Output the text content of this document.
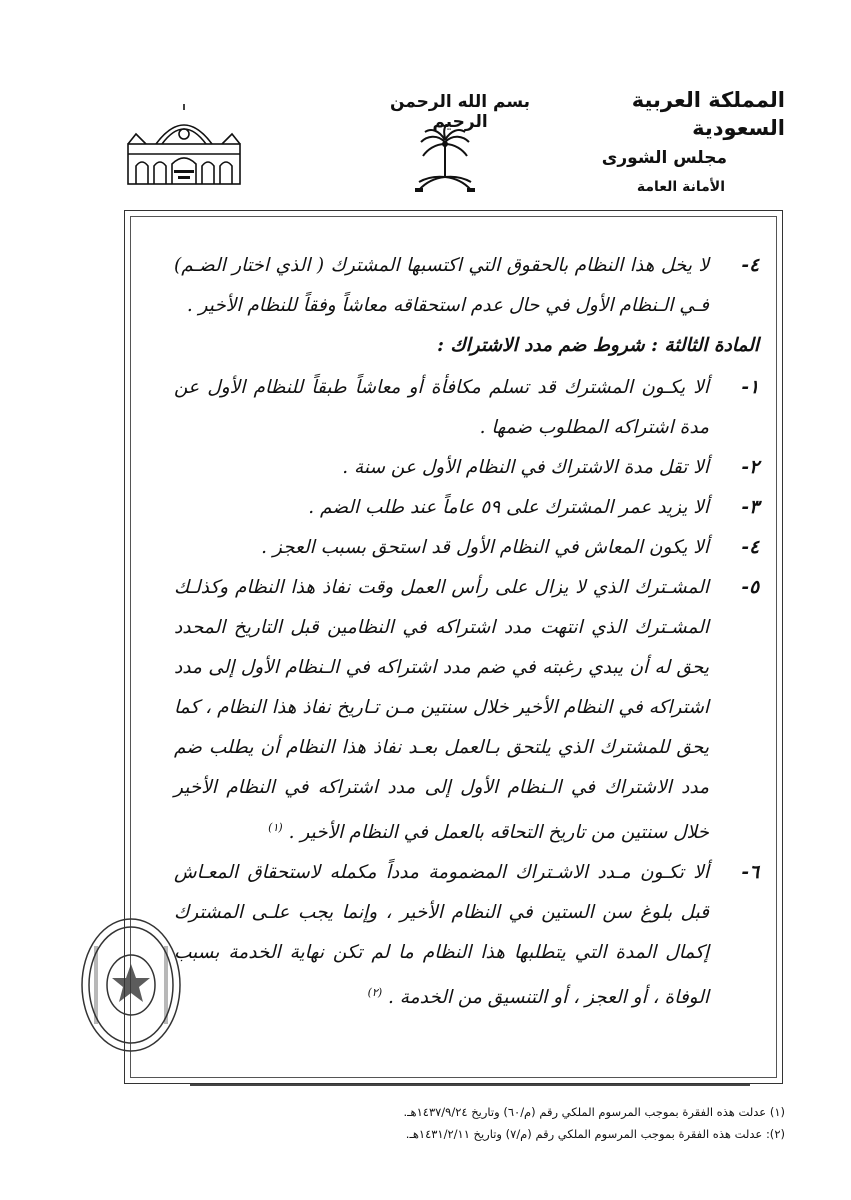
المملكة العربية السعودية
مجلس الشورى
الأمانة العامة
بسم الله الرحمن الرحيم
٤-
لا يخل هذا النظام بالحقوق التي اكتسبها المشترك ( الذي اختار الضـم) فـي الـنظام الأول في حال عدم استحقاقه معاشاً وفقاً للنظام الأخير .
المادة الثالثة : شروط ضم مدد الاشتراك :
١-
ألا يكـون المشترك قد تسلم مكافأة أو معاشاً طبقاً للنظام الأول عن مدة اشتراكه المطلوب ضمها .
٢-
ألا تقل مدة الاشتراك في النظام الأول عن سنة .
٣-
ألا يزيد عمر المشترك على ٥٩ عاماً عند طلب الضم .
٤-
ألا يكون المعاش في النظام الأول قد استحق بسبب العجز .
٥-
المشـترك الذي لا يزال على رأس العمل وقت نفاذ هذا النظام وكذلـك المشـترك الذي انتهت مدد اشتراكه في النظامين قبل التاريخ المحدد يحق له أن يبدي رغبته في ضم مدد اشتراكه في الـنظام الأول إلى مدد اشتراكه في النظام الأخير خلال سنتين مـن تـاريخ نفاذ هذا النظام ، كما يحق للمشترك الذي يلتحق بـالعمل بعـد نفاذ هذا النظام أن يطلب ضم مدد الاشتراك في الـنظام الأول إلى مدد اشتراكه في النظام الأخير خلال سنتين من تاريخ التحاقه بالعمل في النظام الأخير . $^{(١)}$
٦-
ألا تكـون مـدد الاشـتراك المضمومة مدداً مكمله لاستحقاق المعـاش قبل بلوغ سن الستين في النظام الأخير ، وإنما يجب علـى المشترك إكمال المدة التي يتطلبها هذا النظام ما لم تكن نهاية الخدمة بسبب الوفاة ، أو العجز ، أو التنسيق من الخدمة . $^{(٢)}$
(١) عدلت هذه الفقرة بموجب المرسوم الملكي رقم (م/٦٠) وتاريخ ١٤٣٧/٩/٢٤هـ.
(٢): عدلت هذه الفقرة بموجب المرسوم الملكي رقم (م/٧) وتاريخ ١٤٣١/٢/١١هـ.
